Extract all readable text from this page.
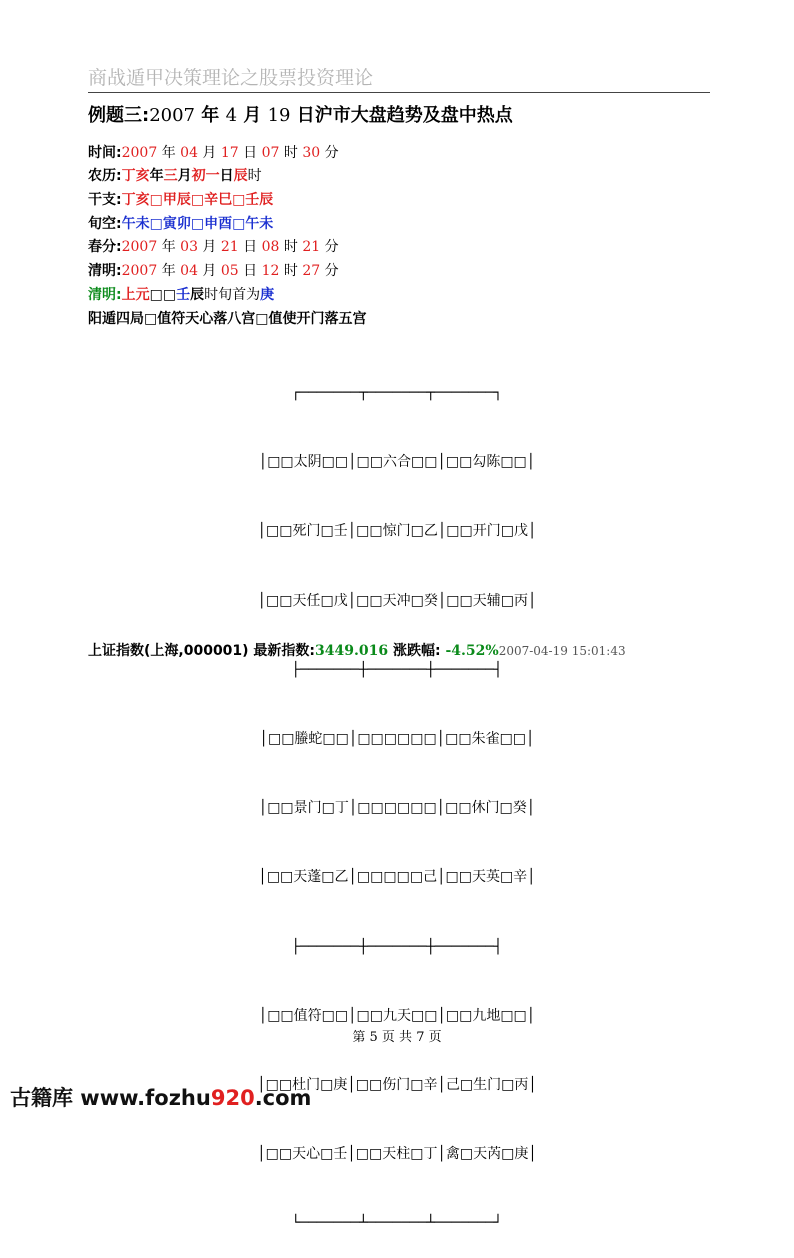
商战遁甲决策理论之股票投资理论
例题三:2007 年 4 月 19 日沪市大盘趋势及盘中热点
时间:2007 年 04 月 17 日 07 时 30 分
农历:丁亥年三月初一日辰时
干支:丁亥□甲辰□辛巳□壬辰
旬空:午未□寅卯□申酉□午未
春分:2007 年 03 月 21 日 08 时 21 分
清明:2007 年 04 月 05 日 12 时 27 分
清明:上元□□壬辰时旬首为庚
阳遁四局□值符天心落八宫□值使开门落五宫

┌───────┬───────┬───────┐

│□□太阴□□│□□六合□□│□□勾陈□□│

│□□死门□壬│□□惊门□乙│□□开门□戊│

│□□天任□戊│□□天冲□癸│□□天辅□丙│

├───────┼───────┼───────┤

│□□螣蛇□□│□□□□□□│□□朱雀□□│

│□□景门□丁│□□□□□□│□□休门□癸│

│□□天蓬□乙│□□□□□己│□□天英□辛│

├───────┼───────┼───────┤

│□□值符□□│□□九天□□│□□九地□□│

│□□杜门□庚│□□伤门□辛│己□生门□丙│

│□□天心□壬│□□天柱□丁│禽□天芮□庚│

└───────┴───────┴───────┘

上证指数(上海,000001) 最新指数:3449.016 涨跌幅: -4.52%2007-04-19 15:01:43
第 5 页 共 7 页
古籍库 www.fozhu920.com
